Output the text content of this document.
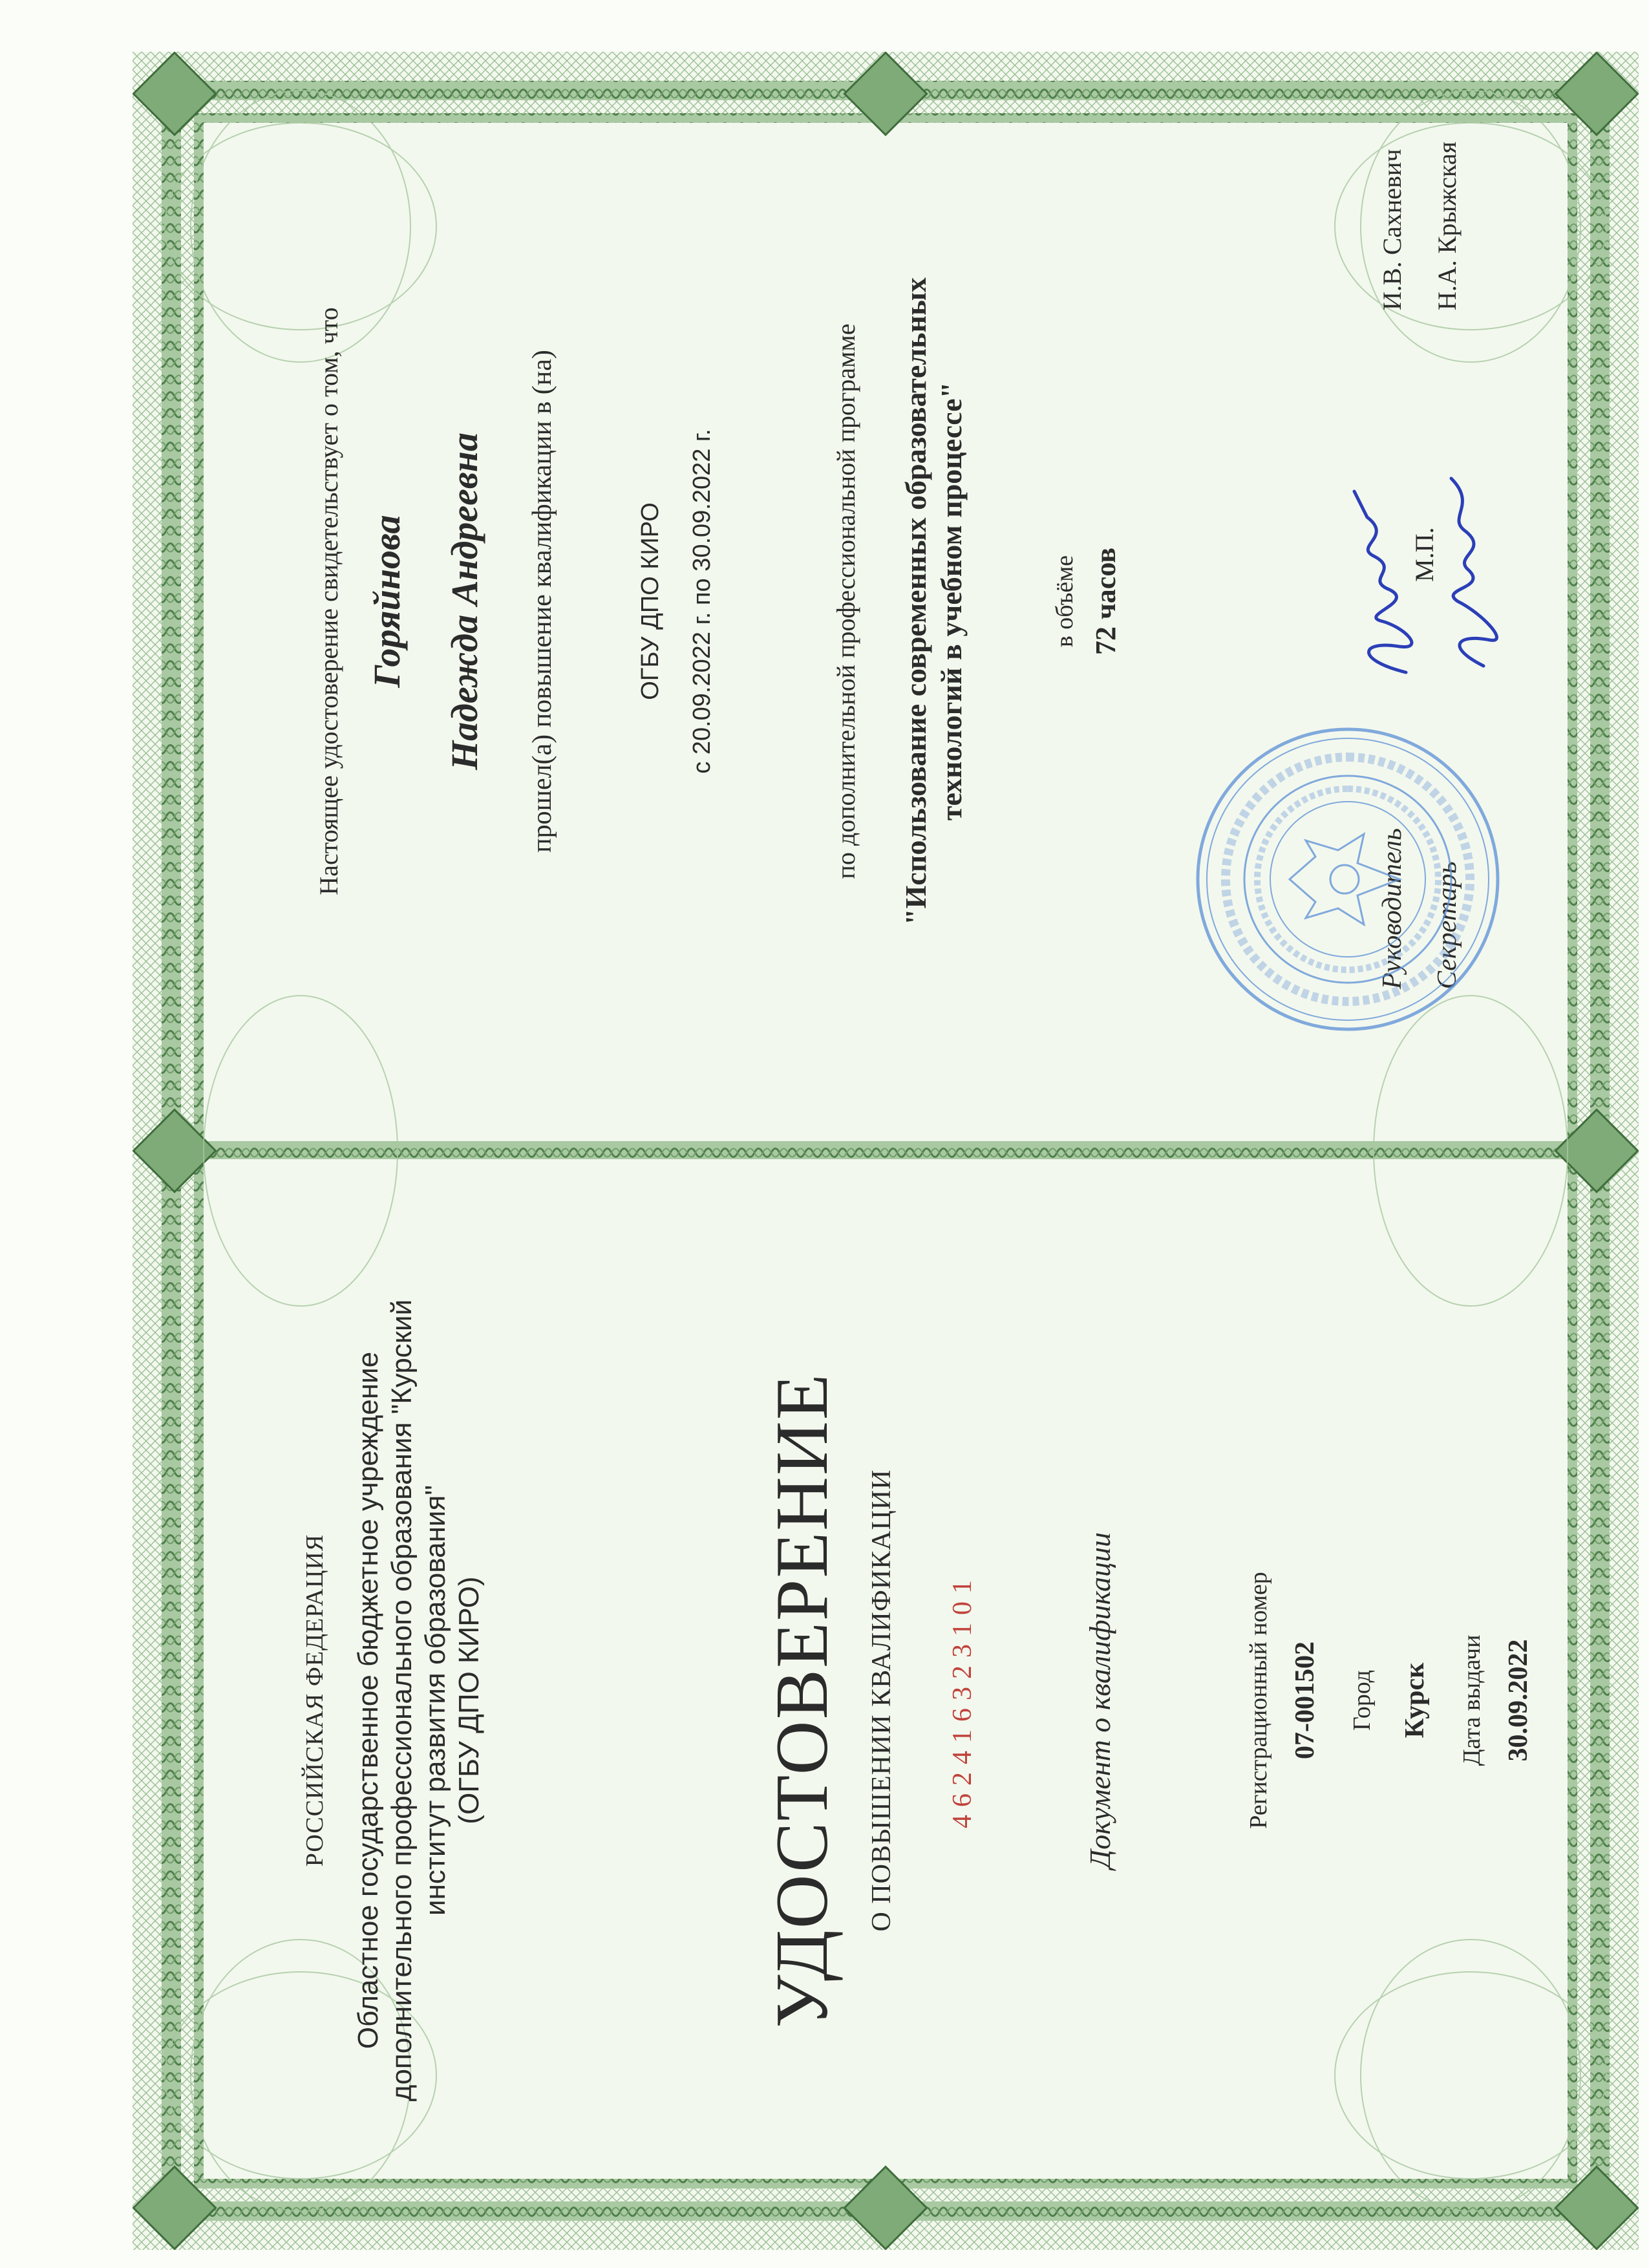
РОССИЙСКАЯ ФЕДЕРАЦИЯ Областное государственное бюджетное учреждение дополнительного профессионального образования "Курский институт развития образования" (ОГБУ ДПО КИРО)	УДОСТОВЕРЕНИЕ О ПОВЫШЕНИИ КВАЛИФИКАЦИИ 462416323101	Документ о квалификации	Регистрационный номер 07-001502 Город Курск Дата выдачи 30.09.2022
Настоящее удостоверение свидетельствует о том, что Горяйнова Надежда Андреевна прошел(а) повышение квалификации в (на)	ОГБУ ДПО КИРО с 20.09.2022 г. по 30.09.2022 г.	по дополнительной профессиональной программе "Использование современных образовательных технологий в учебном процессе"	в объёме 72 часов
Руководитель
И.В. Сахневич
Секретарь
Н.А. Крыжская
М.П.
